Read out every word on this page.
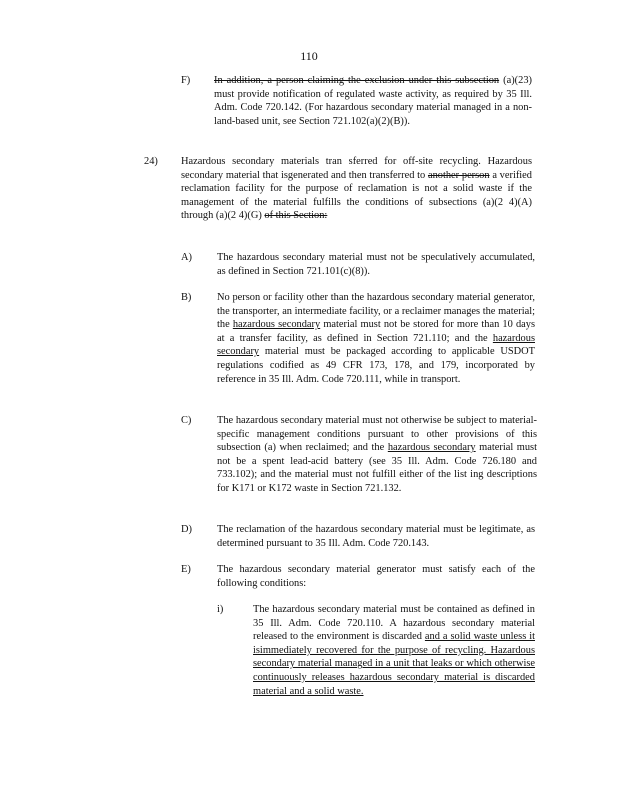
110
F) In addition, a person claiming the exclusion under this subsection (a)(23) must provide notification of regulated waste activity, as required by 35 Ill. Adm. Code 720.142. (For hazardous secondary material managed in a non-land-based unit, see Section 721.102(a)(2)(B)).
24) Hazardous secondary materials tran sferred for off-site recycling. Hazardous secondary material that isgenerated and then transferred to another person a verified reclamation facility for the purpose of reclamation is not a solid waste if the management of the material fulfills the conditions of subsections (a)(2 4)(A) through (a)(2 4)(G) of this Section:
A) The hazardous secondary material must not be speculatively accumulated, as defined in Section 721.101(c)(8)).
B) No person or facility other than the hazardous secondary material generator, the transporter, an intermediate facility, or a reclaimer manages the material; the hazardous secondary material must not be stored for more than 10 days at a transfer facility, as defined in Section 721.110; and the hazardous secondary material must be packaged according to applicable USDOT regulations codified as 49 CFR 173, 178, and 179, incorporated by reference in 35 Ill. Adm. Code 720.111, while in transport.
C) The hazardous secondary material must not otherwise be subject to material-specific management conditions pursuant to other provisions of this subsection (a) when reclaimed; and the hazardous secondary material must not be a spent lead-acid battery (see 35 Ill. Adm. Code 726.180 and 733.102); and the material must not fulfill either of the list ing descriptions for K171 or K172 waste in Section 721.132.
D) The reclamation of the hazardous secondary material must be legitimate, as determined pursuant to 35 Ill. Adm. Code 720.143.
E)	The hazardous secondary material generator must satisfy each of the following conditions:
i)	The hazardous secondary material must be contained as defined in 35 Ill. Adm. Code 720.110. A hazardous secondary material released to the environment is discarded and a solid waste unless it isimmediately recovered for the purpose of recycling. Hazardous secondary material managed in a unit that leaks or which otherwise continuously releases hazardous secondary material is discarded material and a solid waste.
